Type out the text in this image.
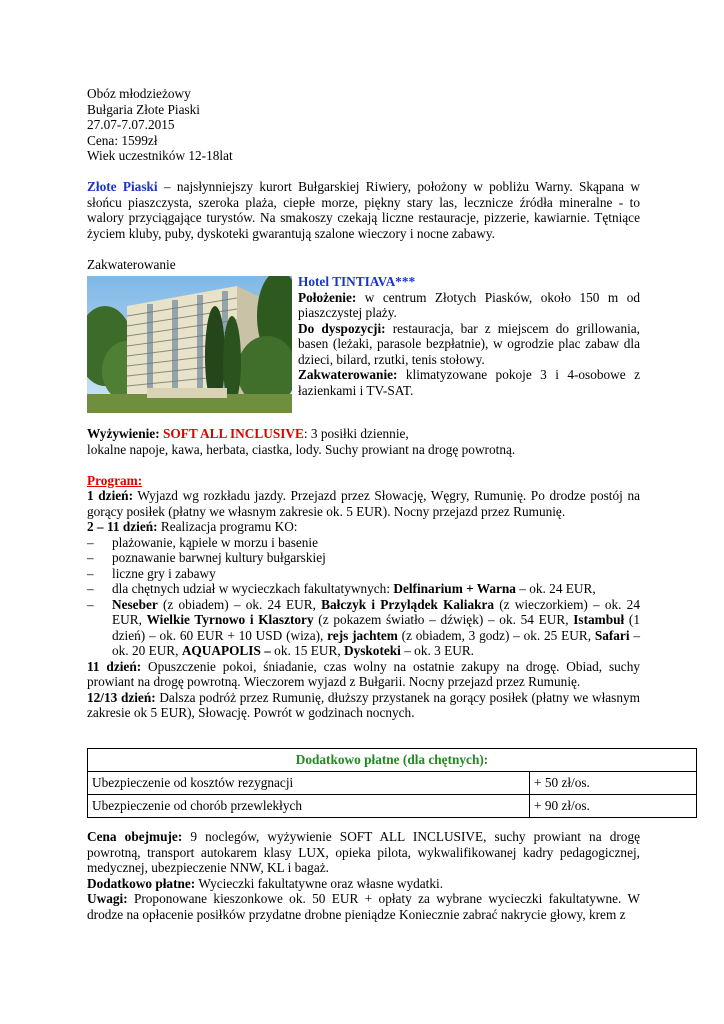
Obóz młodzieżowy

Bułgaria Złote Piaski

27.07-7.07.2015

Cena: 1599zł

Wiek uczestników 12-18lat

Złote Piaski – najsłynniejszy kurort Bułgarskiej Riwiery, położony w pobliżu Warny. Skąpana w słońcu piaszczysta, szeroka plaża, ciepłe morze, piękny stary las, lecznicze źródła mineralne - to walory przyciągające turystów. Na smakoszy czekają liczne restauracje, pizzerie, kawiarnie. Tętniące życiem kluby, puby, dyskoteki gwarantują szalone wieczory i nocne zabawy.

Zakwaterowanie

Hotel TINTIAVA***

Położenie: w centrum Złotych Piasków, około 150 m od piaszczystej plaży.

Do dyspozycji: restauracja, bar z miejscem do grillowania, basen (leżaki, parasole bezpłatnie), w ogrodzie plac zabaw dla dzieci, bilard, rzutki, tenis stołowy.

Zakwaterowanie: klimatyzowane pokoje 3 i 4-osobowe z łazienkami i TV-SAT.

Wyżywienie: SOFT ALL INCLUSIVE: 3 posiłki dziennie,

lokalne napoje, kawa, herbata, ciastka, lody. Suchy prowiant na drogę powrotną.

Program:

1 dzień: Wyjazd wg rozkładu jazdy. Przejazd przez Słowację, Węgry, Rumunię. Po drodze postój na gorący posiłek (płatny we własnym zakresie ok. 5 EUR). Nocny przejazd przez Rumunię.

2 – 11 dzień: Realizacja programu KO:

– plażowanie, kąpiele w morzu i basenie
– poznawanie barwnej kultury bułgarskiej
– liczne gry i zabawy
– dla chętnych udział w wycieczkach fakultatywnych: Delfinarium + Warna – ok. 24 EUR,
– Neseber (z obiadem) – ok. 24 EUR, Bałczyk i Przylądek Kaliakra (z wieczorkiem) – ok. 24 EUR, Wielkie Tyrnowo i Klasztory (z pokazem światło – dźwięk) – ok. 54 EUR, Istambuł (1 dzień) – ok. 60 EUR + 10 USD (wiza), rejs jachtem (z obiadem, 3 godz) – ok. 25 EUR, Safari – ok. 20 EUR, AQUAPOLIS – ok. 15 EUR, Dyskoteki – ok. 3 EUR.

11 dzień: Opuszczenie pokoi, śniadanie, czas wolny na ostatnie zakupy na drogę. Obiad, suchy prowiant na drogę powrotną. Wieczorem wyjazd z Bułgarii. Nocny przejazd przez Rumunię.

12/13 dzień: Dalsza podróż przez Rumunię, dłuższy przystanek na gorący posiłek (płatny we własnym zakresie ok 5 EUR), Słowację. Powrót w godzinach nocnych.

Dodatkowo płatne (dla chętnych):	
Ubezpieczenie od kosztów rezygnacji	+ 50 zł/os.
Ubezpieczenie od chorób przewlekłych	+ 90 zł/os.

Cena obejmuje: 9 noclegów, wyżywienie SOFT ALL INCLUSIVE, suchy prowiant na drogę powrotną, transport autokarem klasy LUX, opieka pilota, wykwalifikowanej kadry pedagogicznej, medycznej, ubezpieczenie NNW, KL i bagaż.

Dodatkowo płatne: Wycieczki fakultatywne oraz własne wydatki.

Uwagi: Proponowane kieszonkowe ok. 50 EUR + opłaty za wybrane wycieczki fakultatywne. W drodze na opłacenie posiłków przydatne drobne pieniądze Koniecznie zabrać nakrycie głowy, krem z
